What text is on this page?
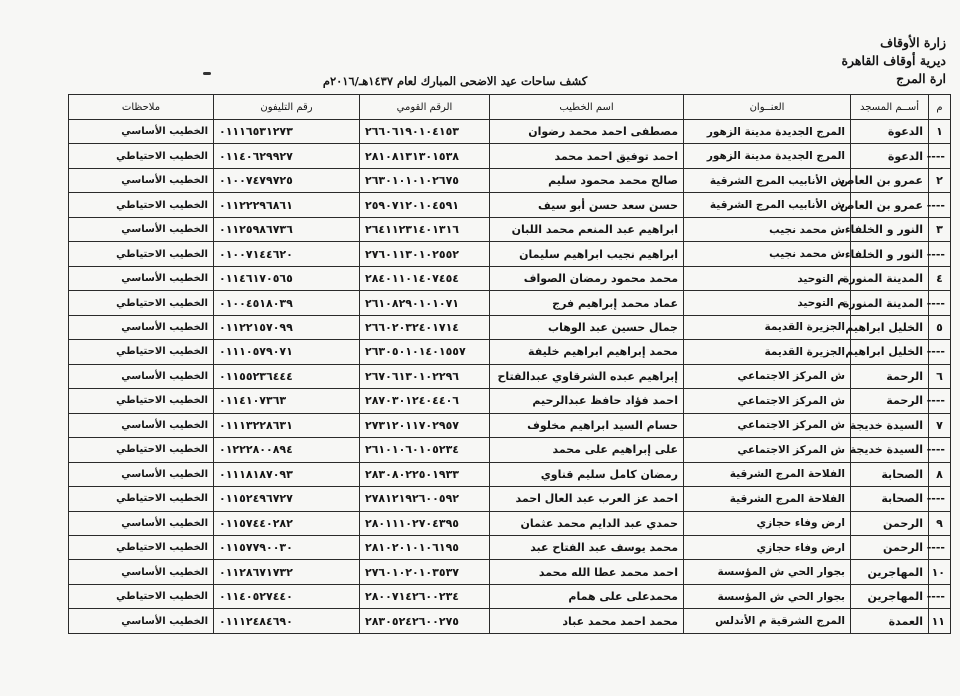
زارة الأوقاف
ديرية أوقاف القاهرة
ارة المرج
كشف ساحات عيد الاضحى المبارك لعام ١٤٣٧هـ/٢٠١٦م
م	أســم المسجد	العنــوان	اسم الخطيب	الرقم القومي	رقم التليفون	ملاحظات
١	الدعوة	المرج الجديدة مدينة الزهور	مصطفى احمد محمد رضوان	٢٦٦٠٦١٩٠١٠٤١٥٣	٠١١١٦٥٣١٢٧٣	الخطيب الأساسي
----	الدعوة	المرج الجديدة مدينة الزهور	احمد توفيق احمد محمد	٢٨١٠٨١٣١٣٠١٥٣٨	٠١١٤٠٦٢٩٩٢٧	الخطيب الاحتياطي
٢	عمرو بن العاص	ش الأنابيب المرج الشرقية	صالح محمد محمود سليم	٢٦٣٠١٠١٠١٠٢٦٧٥	٠١٠٠٧٤٧٩٧٢٥	الخطيب الأساسي
----	عمرو بن العاص	ش الأنابيب المرج الشرقية	حسن سعد حسن أبو سيف	٢٥٩٠٧١٢٠١٠٤٥٩١	٠١١٢٢٢٩٦٨٦١	الخطيب الاحتياطي
٣	النور و الخلفاء	ش محمد نجيب	ابراهيم عبد المنعم محمد اللبان	٢٦٤١١٢٣١٤٠١٣١٦	٠١١٢٥٩٨٦٧٣٦	الخطيب الأساسي
----	النور و الخلفاء	ش محمد نجيب	ابراهيم نجيب ابراهيم سليمان	٢٧٦٠١١٣٠١٠٢٥٥٢	٠١٠٠٧١٤٤٦٢٠	الخطيب الاحتياطي
٤	المدينة المنورة	م التوحيد	محمد محمود رمضان الصواف	٢٨٤٠١١٠١٤٠٧٤٥٤	٠١١٤٦١٧٠٥٦٥	الخطيب الأساسي
----	المدينة المنورة	م التوحيد	عماد محمد إبراهيم فرج	٢٦١٠٨٢٩٠١٠١٠٧١	٠١٠٠٤٥١٨٠٣٩	الخطيب الاحتياطي
٥	الخليل ابراهيم	الجزيرة القديمة	جمال حسين عبد الوهاب	٢٦٦٠٢٠٣٢٤٠١٧١٤	٠١١٢٢١٥٧٠٩٩	الخطيب الأساسي
----	الخليل ابراهيم	الجزيرة القديمة	محمد إبراهيم ابراهيم خليفة	٢٦٣٠٥٠١٠١٤٠١٥٥٧	٠١١١٠٥٧٩٠٧١	الخطيب الاحتياطي
٦	الرحمة	ش المركز الاجتماعي	إبراهيم عبده الشرقاوي عبدالفتاح	٢٦٧٠٦١٣٠١٠٢٢٩٦	٠١١٥٥٢٣٦٤٤٤	الخطيب الأساسي
----	الرحمة	ش المركز الاجتماعي	احمد فؤاد حافظ عبدالرحيم	٢٨٧٠٣٠١٢٤٠٤٤٠٦	٠١١٤١٠٧٣٦٣	الخطيب الاحتياطي
٧	السيدة خديجة	ش المركز الاجتماعي	حسام السيد ابراهيم مخلوف	٢٧٣١٢٠١١٧٠٢٩٥٧	٠١١١٣٢٢٨٦٣١	الخطيب الأساسي
----	السيدة خديجة	ش المركز الاجتماعي	على إبراهيم على محمد	٢٦١٠١٠٦٠١٠٥٢٣٤	٠١٢٢٢٨٠٠٨٩٤	الخطيب الاحتياطي
٨	الصحابة	الفلاحة المرج الشرقية	رمضان كامل سليم قناوي	٢٨٣٠٨٠٢٢٥٠١٩٣٣	٠١١١٨١٨٧٠٩٣	الخطيب الأساسي
----	الصحابة	الفلاحة المرج الشرقية	احمد عز العرب عبد العال احمد	٢٧٨١٢١٩٢٦٠٠٥٩٢	٠١١٥٢٤٩٦٧٢٧	الخطيب الاحتياطي
٩	الرحمن	ارض وفاء حجازي	حمدي عبد الدايم محمد عثمان	٢٨٠١١١٠٢٧٠٤٣٩٥	٠١١٥٧٤٤٠٢٨٢	الخطيب الأساسي
----	الرحمن	ارض وفاء حجازي	محمد يوسف عبد الفتاح عبد	٢٨١٠٢٠١٠١٠٦١٩٥	٠١١٥٧٧٩٠٠٣٠	الخطيب الاحتياطي
١٠	المهاجرين	بجوار الحي ش المؤسسة	احمد محمد عطا الله محمد	٢٧٦٠١٠٢٠١٠٣٥٣٧	٠١١٢٨٦٧١٧٣٢	الخطيب الأساسي
----	المهاجرين	بجوار الحي ش المؤسسة	محمدعلى على همام	٢٨٠٠٧١٤٢٦٠٠٢٣٤	٠١١٤٠٥٢٧٤٤٠	الخطيب الاحتياطي
١١	العمدة	المرج الشرقية م الأندلس	محمد احمد محمد عباد	٢٨٣٠٥٢٤٢٦٠٠٢٧٥	٠١١١٢٤٨٤٦٩٠	الخطيب الأساسي
